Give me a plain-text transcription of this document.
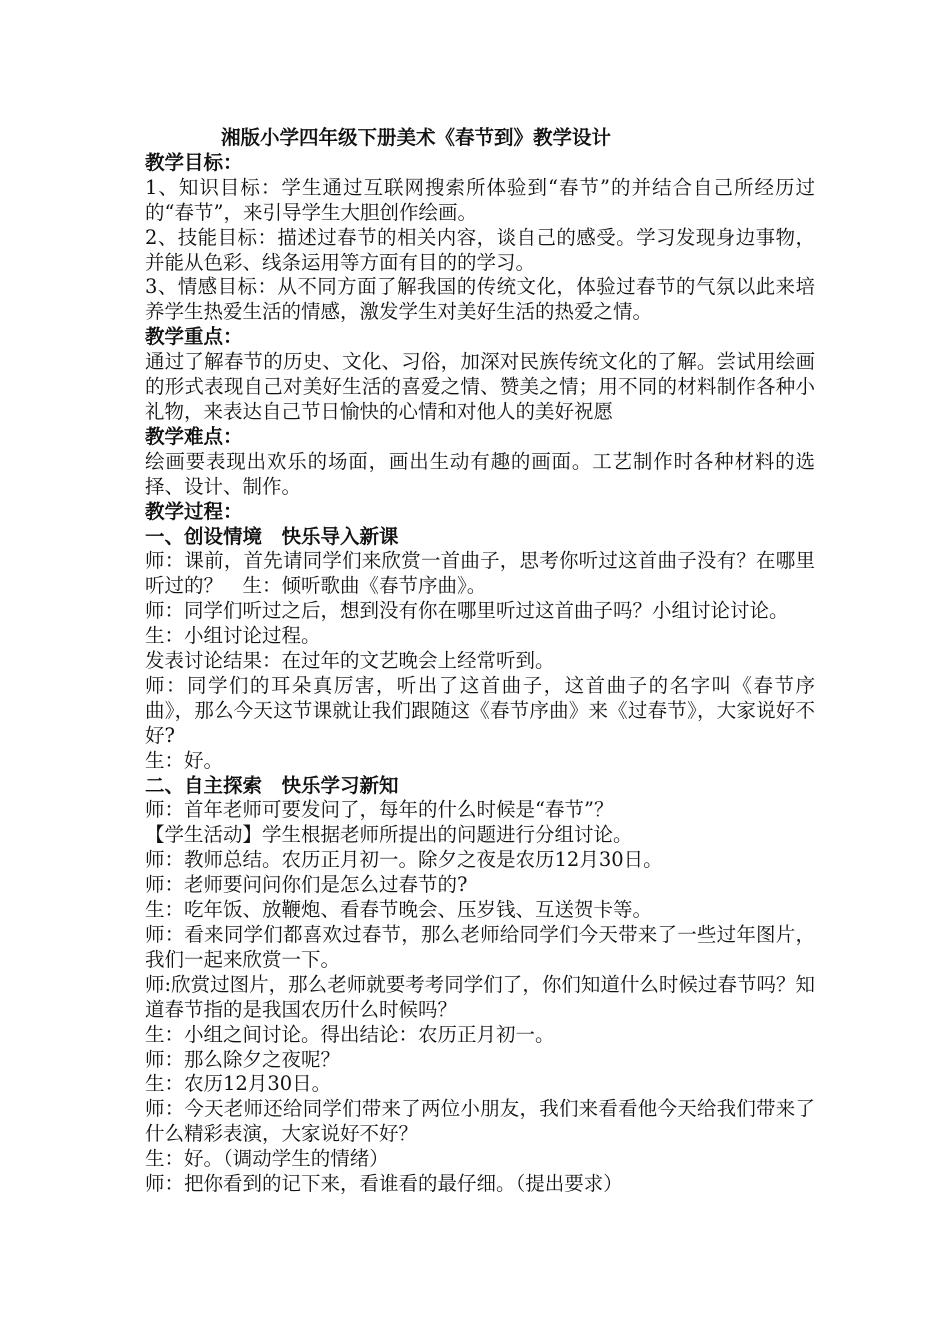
湘版小学四年级下册美术《春节到》教学设计

教学目标：

1、知识目标：学生通过互联网搜索所体验到“春节”的并结合自己所经历过的“春节”，来引导学生大胆创作绘画。

2、技能目标：描述过春节的相关内容，谈自己的感受。学习发现身边事物，并能从色彩、线条运用等方面有目的的学习。

3、情感目标：从不同方面了解我国的传统文化，体验过春节的气氛以此来培养学生热爱生活的情感，激发学生对美好生活的热爱之情。

教学重点：

通过了解春节的历史、文化、习俗，加深对民族传统文化的了解。尝试用绘画的形式表现自己对美好生活的喜爱之情、赞美之情；用不同的材料制作各种小礼物，来表达自己节日愉快的心情和对他人的美好祝愿

教学难点：

绘画要表现出欢乐的场面，画出生动有趣的画面。工艺制作时各种材料的选择、设计、制作。

教学过程：

一、创设情境　快乐导入新课

师：课前，首先请同学们来欣赏一首曲子，思考你听过这首曲子没有？在哪里听过的？　生：倾听歌曲《春节序曲》。

师：同学们听过之后，想到没有你在哪里听过这首曲子吗？小组讨论讨论。

生：小组讨论过程。

发表讨论结果：在过年的文艺晚会上经常听到。

师：同学们的耳朵真厉害，听出了这首曲子，这首曲子的名字叫《春节序曲》，那么今天这节课就让我们跟随这《春节序曲》来《过春节》，大家说好不好?

生：好。

二、自主探索　快乐学习新知

师：首年老师可要发问了，每年的什么时候是“春节”？

【学生活动】学生根据老师所提出的问题进行分组讨论。

师：教师总结。农历正月初一。除夕之夜是农历12月30日。

师：老师要问问你们是怎么过春节的?

生：吃年饭、放鞭炮、看春节晚会、压岁钱、互送贺卡等。

师：看来同学们都喜欢过春节，那么老师给同学们今天带来了一些过年图片，我们一起来欣赏一下。

师:欣赏过图片，那么老师就要考考同学们了，你们知道什么时候过春节吗？知道春节指的是我国农历什么时候吗？

生：小组之间讨论。得出结论：农历正月初一。

师：那么除夕之夜呢？

生：农历12月30日。

师：今天老师还给同学们带来了两位小朋友，我们来看看他今天给我们带来了什么精彩表演，大家说好不好？

生：好。（调动学生的情绪）

师：把你看到的记下来，看谁看的最仔细。（提出要求）
